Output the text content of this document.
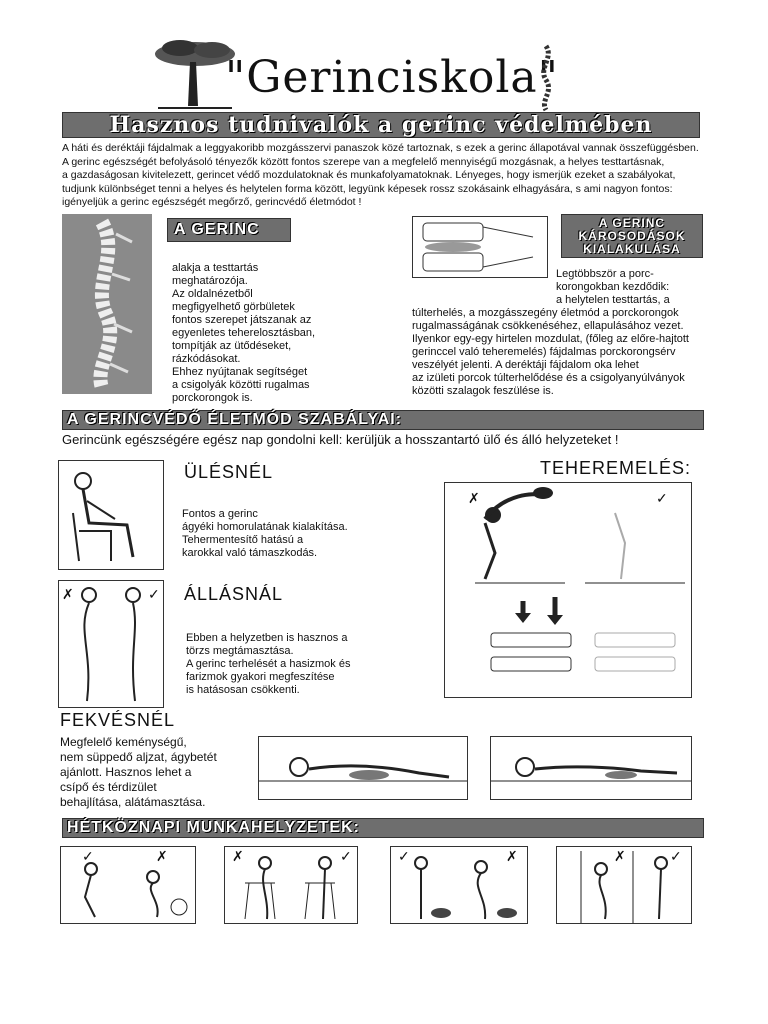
"Gerinciskola"
Hasznos tudnivalók a gerinc védelmében

A háti és deréktáji fájdalmak a leggyakoribb mozgásszervi panaszok közé tartoznak, s ezek a gerinc állapotával vannak összefüggésben.

A gerinc egészségét befolyásoló tényezők között fontos szerepe van a megfelelő mennyiségű mozgásnak, a helyes testtartásnak,

a gazdaságosan kivitelezett, gerincet védő mozdulatoknak és munkafolyamatoknak. Lényeges, hogy ismerjük ezeket a szabályokat,

tudjunk különbséget tenni a helyes és helytelen forma között, legyünk képesek rossz szokásaink elhagyására, s ami nagyon fontos:

igényeljük a gerinc egészségét megőrző, gerincvédő életmódot !

A GERINC
alakja a testtartás
meghatározója.
Az oldalnézetből
megfigyelhető görbületek
fontos szerepet játszanak az
egyenletes teherelosztásban,
tompítják az ütődéseket,
rázkódásokat.
Ehhez nyújtanak segítséget
a csigolyák közötti rugalmas
porckorongok is.
A GERINC
KÁROSODÁSOK
KIALAKULÁSA
Legtöbbször a porc-
korongokban kezdődik:
a helytelen testtartás, a
túlterhelés, a mozgásszegény életmód a porckorongok
rugalmasságának csökkenéséhez, ellapulásához vezet.
Ilyenkor egy-egy hirtelen mozdulat, (főleg az előre-hajtott
gerinccel való teheremelés) fájdalmas porckorongsérv
veszélyét jelenti. A deréktáji fájdalom oka lehet
az izületi porcok túlterhelődése és a csigolyanyúlványok
közötti szalagok feszülése is.
A GERINCVÉDŐ ÉLETMÓD SZABÁLYAI:
Gerincünk egészségére egész nap gondolni kell: kerüljük a hosszantartó ülő és álló helyzeteket !
ÜLÉSNÉL
Fontos a gerinc
ágyéki homorulatának kialakítása.
Tehermentesítő hatású a
karokkal való támaszkodás.
✗	✓ ÁLLÁSNÁL
Ebben a helyzetben is hasznos a
törzs megtámasztása.
A gerinc terhelését a hasizmok és
farizmok gyakori megfeszítése
is hatásosan csökkenti.
TEHEREMELÉS:
✗	✓
FEKVÉSNÉL
Megfelelő keménységű,
nem süppedő aljzat, ágybetét
ajánlott. Hasznos lehet a
csípő és térdizület
behajlítása, alátámasztása.
HÉTKÖZNAPI MUNKAHELYZETEK:
✓	✗	✗	✓	✓	✗	✗	✓
